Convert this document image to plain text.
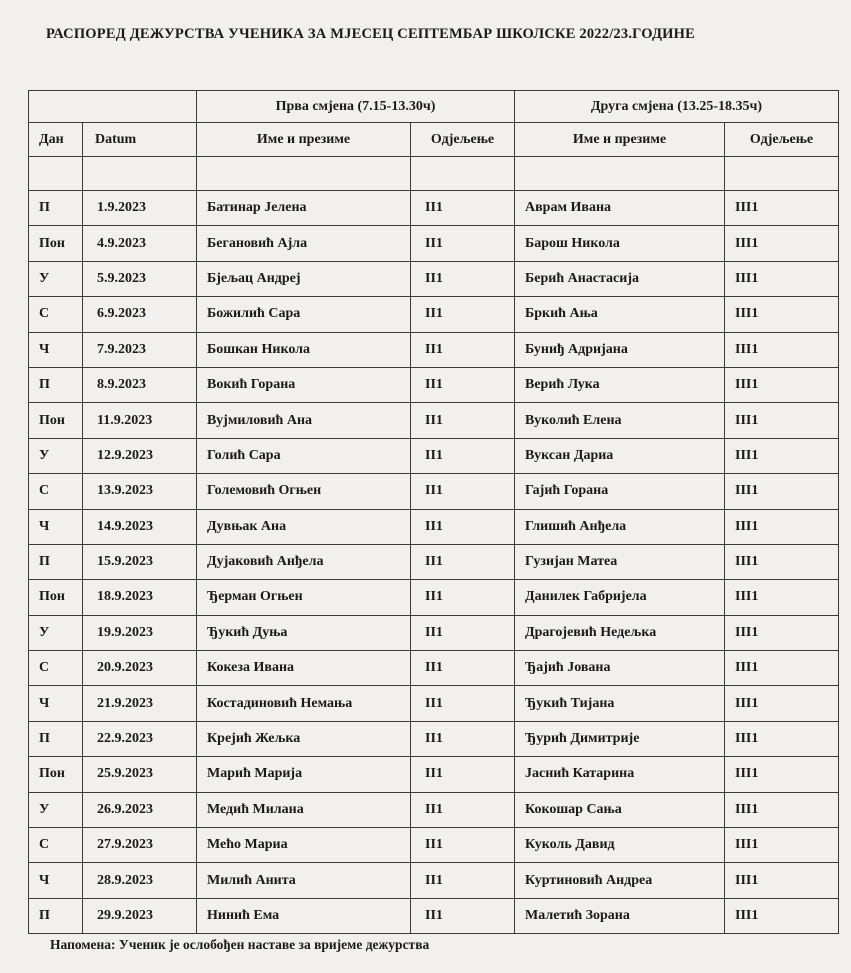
РАСПОРЕД ДЕЖУРСТВА УЧЕНИКА ЗА МЈЕСЕЦ СЕПТЕМБАР ШКОЛСКЕ 2022/23.ГОДИНЕ
		Прва смјена (7.15-13.30ч)		Друга смјена (13.25-18.35ч)	
Дан	Datum	Име и презиме	Одјељење	Име и презиме	Одјељење

П	1.9.2023	Батинар Јелена	II1	Аврам Ивана	III1
Пон	4.9.2023	Бегановић Ајла	II1	Барош Никола	III1
У	5.9.2023	Бјељац Андреј	II1	Берић Анастасија	III1
С	6.9.2023	Божилић Сара	II1	Бркић Ања	III1
Ч	7.9.2023	Бошкан Никола	II1	Буниђ Адријана	III1
П	8.9.2023	Вокић Горана	II1	Верић Лука	III1
Пон	11.9.2023	Вујмиловић Ана	II1	Вуколић Елена	III1
У	12.9.2023	Голић Сара	II1	Вуксан Дариа	III1
С	13.9.2023	Големовић Огњен	II1	Гајић Горана	III1
Ч	14.9.2023	Дувњак Ана	II1	Глишић Анђела	III1
П	15.9.2023	Дујаковић Анђела	II1	Гузијан Матеа	III1
Пон	18.9.2023	Ђерман Огњен	II1	Данилек Габријела	III1
У	19.9.2023	Ђукић Дуња	II1	Драгојевић Недељка	III1
С	20.9.2023	Кокеза Ивана	II1	Ђајић Јована	III1
Ч	21.9.2023	Костадиновић Немања	II1	Ђукић Тијана	III1
П	22.9.2023	Крејић Жељка	II1	Ђурић Димитрије	III1
Пон	25.9.2023	Марић Марија	II1	Јаснић Катарина	III1
У	26.9.2023	Медић Милана	II1	Кокошар Сања	III1
С	27.9.2023	Мећо Мариа	II1	Куколь Давид	III1
Ч	28.9.2023	Милић Анита	II1	Куртиновић Андреа	III1
П	29.9.2023	Нинић Ема	II1	Малетић Зорана	III1
Напомена: Ученик је ослобођен наставе за вријеме дежурства
